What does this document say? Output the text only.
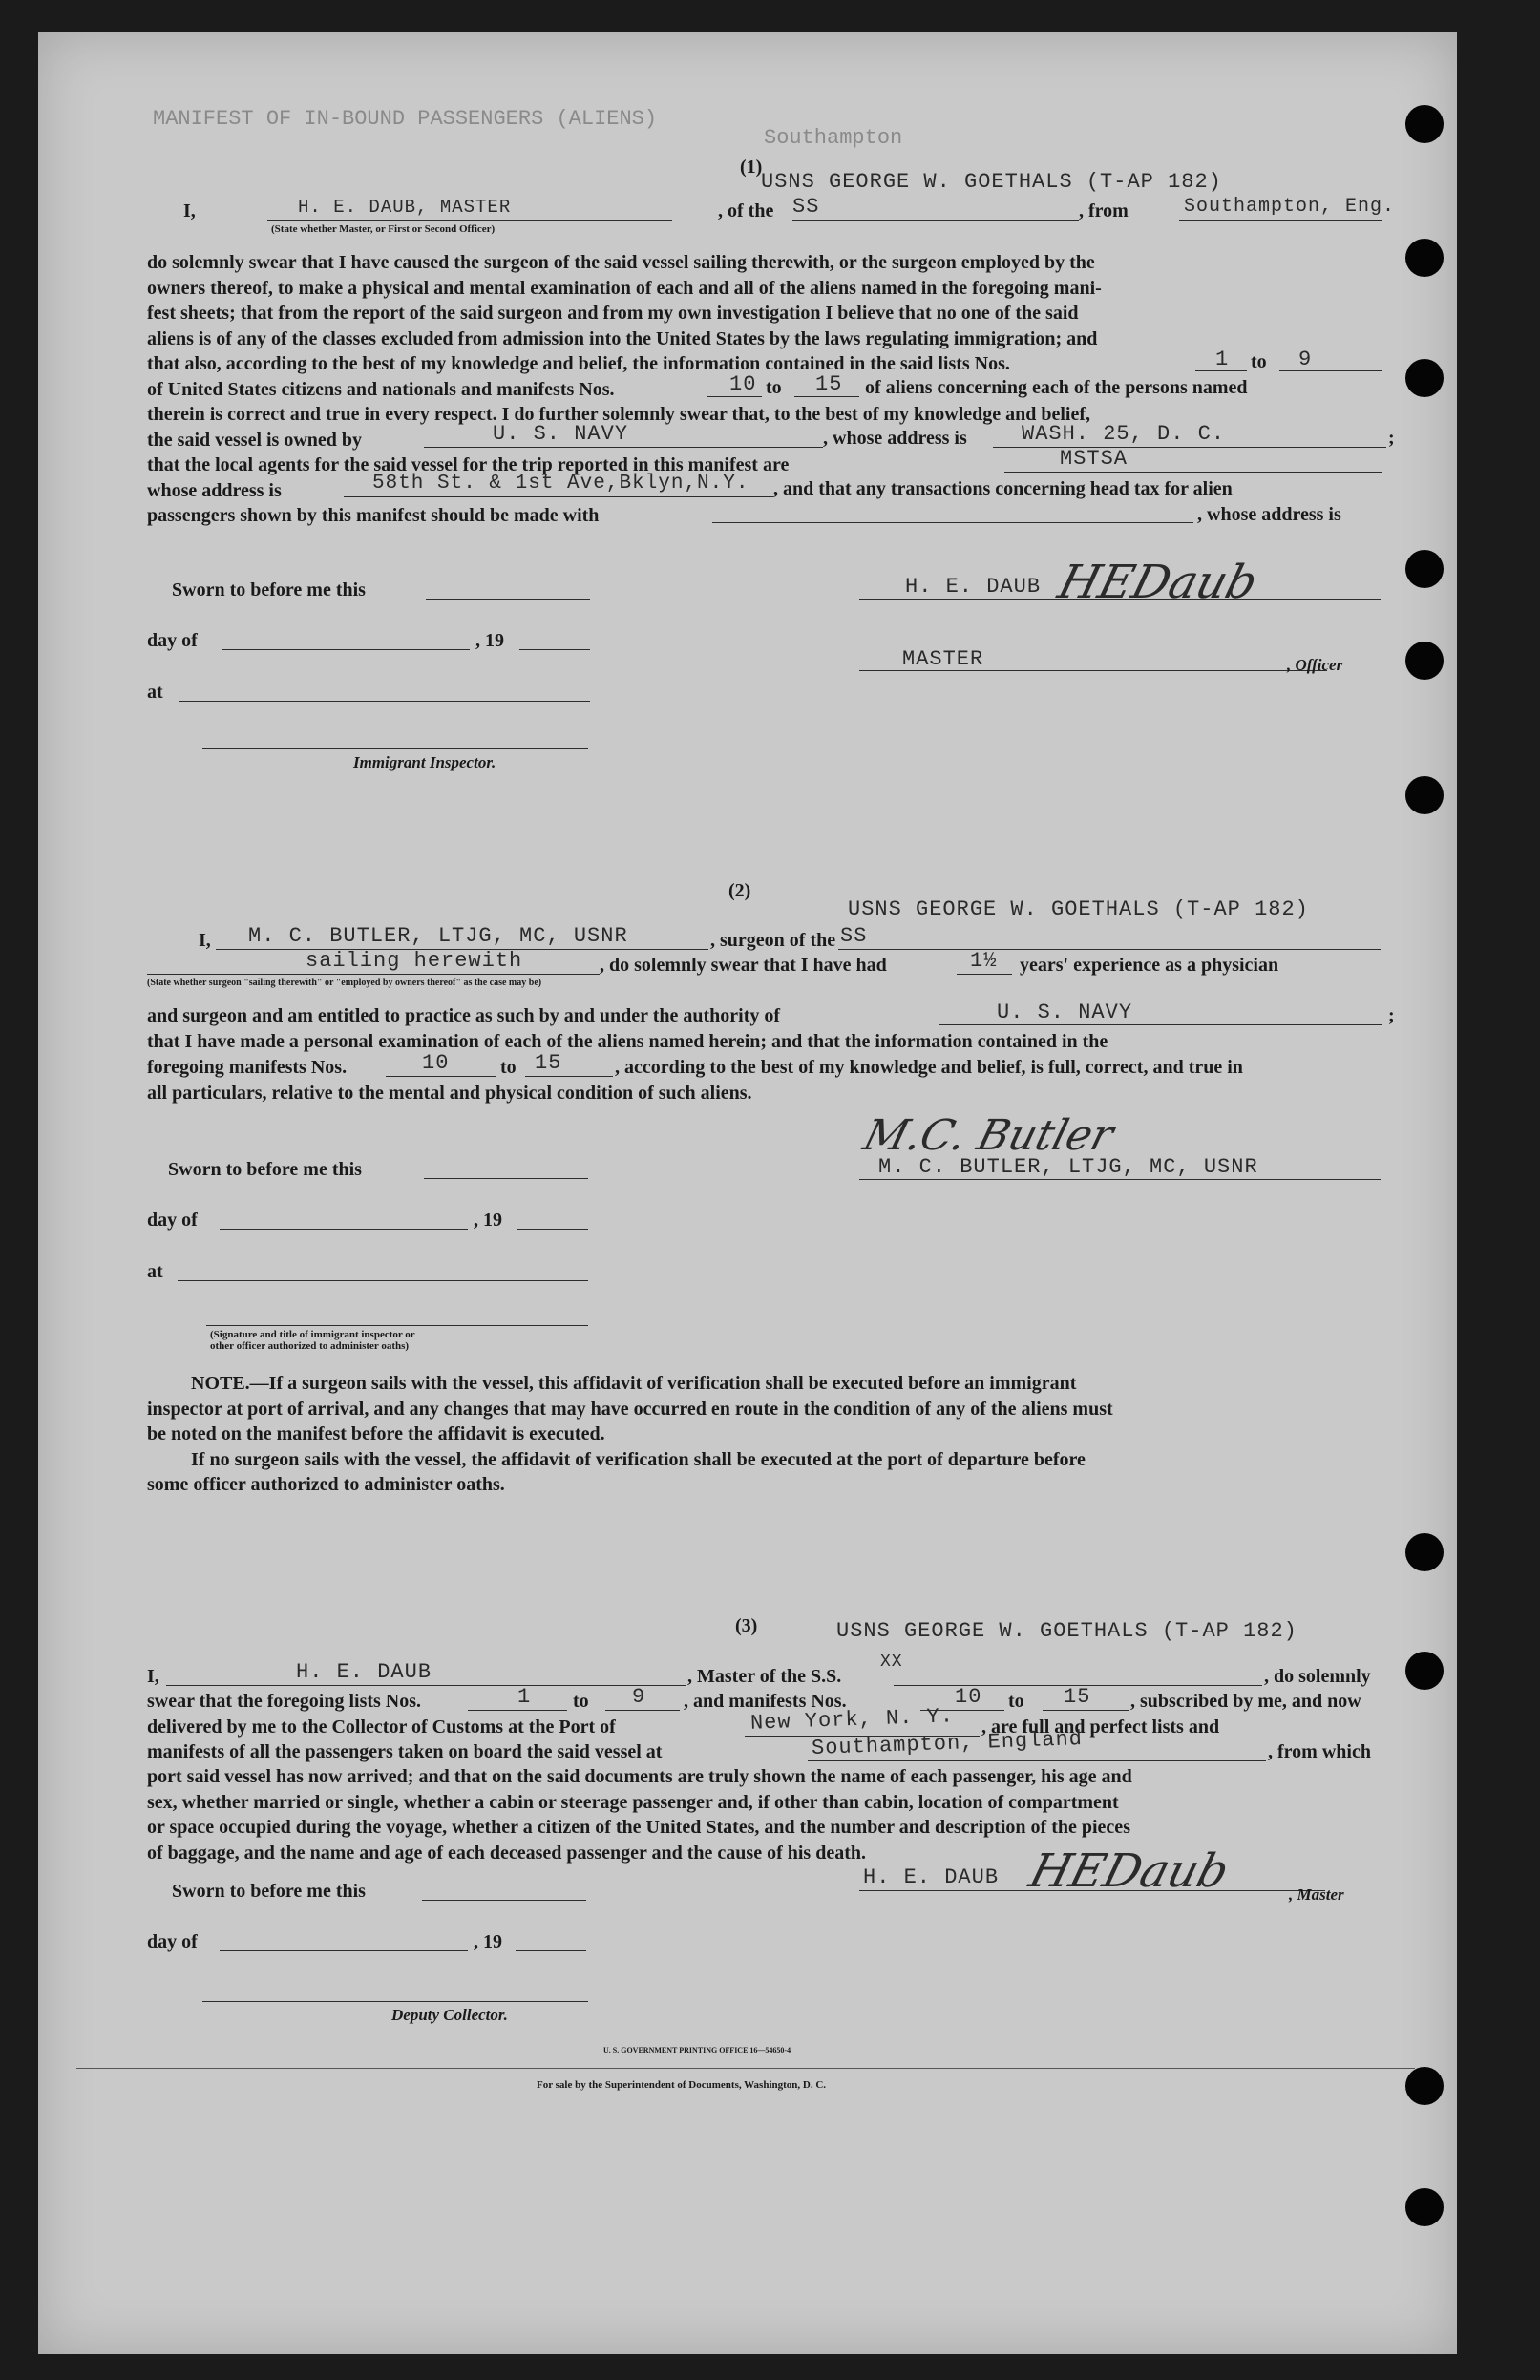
MANIFEST OF IN-BOUND PASSENGERS (ALIENS)
Southampton
(1)
USNS GEORGE W. GOETHALS (T-AP 182)
I,	H. E. DAUB, MASTER
(State whether Master, or First or Second Officer)
, of the SS	, from	Southampton, Eng.
do solemnly swear that I have caused the surgeon of the said vessel sailing therewith, or the surgeon employed by the
owners thereof, to make a physical and mental examination of each and all of the aliens named in the foregoing mani-
fest sheets; that from the report of the said surgeon and from my own investigation I believe that no one of the said
aliens is of any of the classes excluded from admission into the United States by the laws regulating immigration; and
that also, according to the best of my knowledge and belief, the information contained in the said lists Nos.
of United States citizens and nationals and manifests Nos.
therein is correct and true in every respect. I do further solemnly swear that, to the best of my knowledge and belief,
the said vessel is owned by
that the local agents for the said vessel for the trip reported in this manifest are
whose address is
passengers shown by this manifest should be made with
1 to 9
10 to 15 of aliens concerning each of the persons named
U. S. NAVY	, whose address is	WASH. 25, D. C.	;
MSTSA
58th St. & 1st Ave,Bklyn,N.Y. , and that any transactions concerning head tax for alien
, whose address is
Sworn to before me this
day of	, 19
at
Immigrant Inspector.
H. E. DAUB HEDaub
MASTER	, Officer
(2)
USNS GEORGE W. GOETHALS (T-AP 182)
I, M. C. BUTLER, LTJG, MC, USNR	, surgeon of the SS
sailing herewith
(State whether surgeon "sailing therewith" or "employed by owners thereof" as the case may be)
, do solemnly swear that I have had	1½ years' experience as a physician
and surgeon and am entitled to practice as such by and under the authority of	U. S. NAVY	;
that I have made a personal examination of each of the aliens named herein; and that the information contained in the
foregoing manifests Nos.	10	to 15	, according to the best of my knowledge and belief, is full, correct, and true in
all particulars, relative to the mental and physical condition of such aliens.
Sworn to before me this
day of	, 19
at
(Signature and title of immigrant inspector or other officer authorized to administer oaths)
M.C. Butler
M. C. BUTLER, LTJG, MC, USNR
NOTE.—If a surgeon sails with the vessel, this affidavit of verification shall be executed before an immigrant
inspector at port of arrival, and any changes that may have occurred en route in the condition of any of the aliens must
be noted on the manifest before the affidavit is executed.
If no surgeon sails with the vessel, the affidavit of verification shall be executed at the port of departure before
some officer authorized to administer oaths.
(3)	USNS GEORGE W. GOETHALS (T-AP 182)
I,	H. E. DAUB	, Master of the S.S.
XX
, do solemnly
swear that the foregoing lists Nos.	1 to 9 , and manifests Nos.	10 to 15 , subscribed by me, and now
delivered by me to the Collector of Customs at the Port of	New York, N. Y. , are full and perfect lists and
manifests of all the passengers taken on board the said vessel at	Southampton, England	, from which
port said vessel has now arrived; and that on the said documents are truly shown the name of each passenger, his age and
sex, whether married or single, whether a cabin or steerage passenger and, if other than cabin, location of compartment
or space occupied during the voyage, whether a citizen of the United States, and the number and description of the pieces
of baggage, and the name and age of each deceased passenger and the cause of his death.
Sworn to before me this
day of	, 19
Deputy Collector.
H. E. DAUB HEDaub	, Master
U. S. GOVERNMENT PRINTING OFFICE 16—54650-4
For sale by the Superintendent of Documents, Washington, D. C.
